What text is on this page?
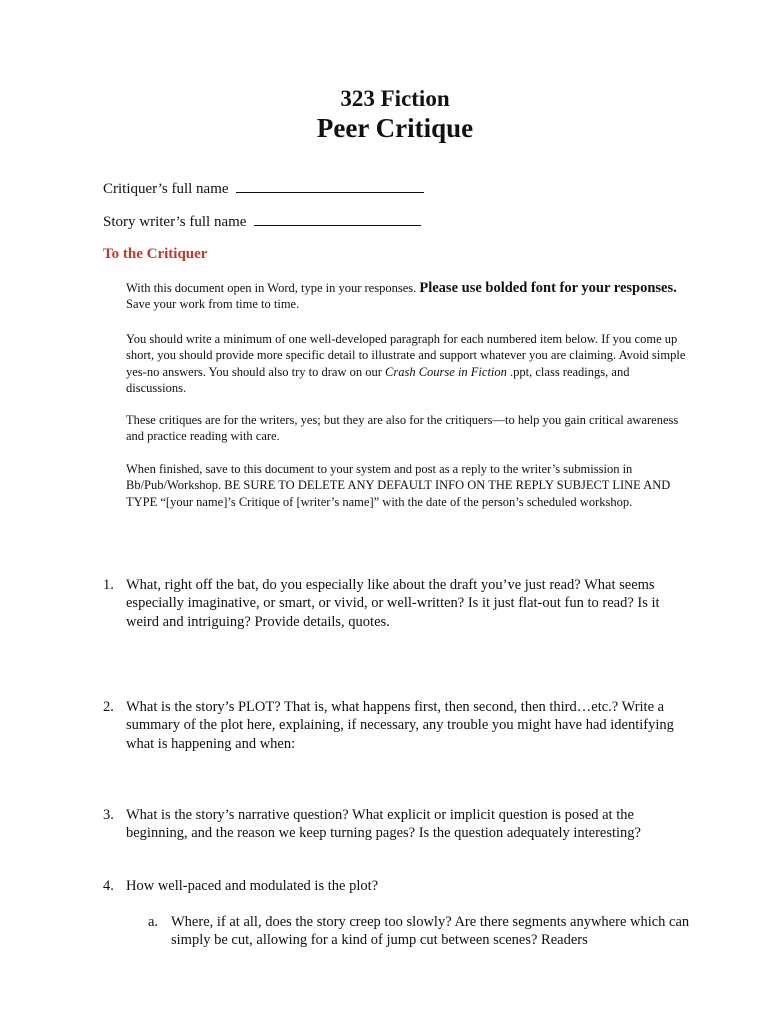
323 Fiction
Peer Critique
Critiquer’s full name
Story writer’s full name
To the Critiquer

With this document open in Word, type in your responses. Please use bolded font for your responses. Save your work from time to time.

You should write a minimum of one well-developed paragraph for each numbered item below. If you come up short, you should provide more specific detail to illustrate and support whatever you are claiming. Avoid simple yes-no answers. You should also try to draw on our Crash Course in Fiction .ppt, class readings, and discussions.

These critiques are for the writers, yes; but they are also for the critiquers—to help you gain critical awareness and practice reading with care.

When finished, save to this document to your system and post as a reply to the writer’s submission in Bb/Pub/Workshop. BE SURE TO DELETE ANY DEFAULT INFO ON THE REPLY SUBJECT LINE AND TYPE “[your name]’s Critique of [writer’s name]” with the date of the person’s scheduled workshop.

1. What, right off the bat, do you especially like about the draft you’ve just read? What seems especially imaginative, or smart, or vivid, or well-written? Is it just flat-out fun to read? Is it weird and intriguing? Provide details, quotes.
2. What is the story’s PLOT? That is, what happens first, then second, then third…etc.? Write a summary of the plot here, explaining, if necessary, any trouble you might have had identifying what is happening and when:
3. What is the story’s narrative question? What explicit or implicit question is posed at the beginning, and the reason we keep turning pages? Is the question adequately interesting?
4. How well-paced and modulated is the plot?
a. Where, if at all, does the story creep too slowly? Are there segments anywhere which can simply be cut, allowing for a kind of jump cut between scenes? Readers
